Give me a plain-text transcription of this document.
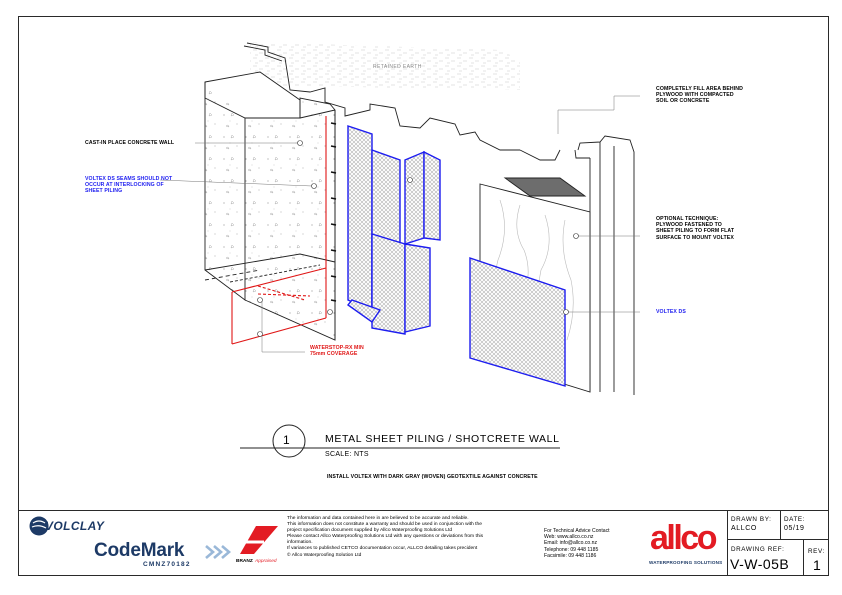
RETAINED EARTH
CAST-IN PLACE CONCRETE WALL
VOLTEX DS SEAMS SHOULD NOT
OCCUR AT INTERLOCKING OF
SHEET PILING
COMPLETELY FILL AREA BEHIND
PLYWOOD WITH COMPACTED
SOIL OR CONCRETE
OPTIONAL TECHNIQUE:
PLYWOOD FASTENED TO
SHEET PILING TO FORM FLAT
SURFACE TO MOUNT VOLTEX
VOLTEX DS
WATERSTOP-RX MIN
75mm COVERAGE
1	METAL SHEET PILING / SHOTCRETE WALL
SCALE: NTS
INSTALL VOLTEX WITH DARK GRAY (WOVEN) GEOTEXTILE AGAINST CONCRETE
VOLCLAY
CodeMark
CMNZ70182	BRANZ Appraised
The information and data contained here in are believed to be accurate and reliable.
This information does not constitute a warranty and should be used in conjunction with the
project specification document supplied by Allco Waterproofing Solutions Ltd
Please contact Allco Waterproofing Solutions Ltd with any questions or deviations from this
information.
If variances to published CETCO documentation occur, ALLCO detailing takes precident
© Allco Waterproofing Solution Ltd
For Technical Advice Contact
Web: www.allco.co.nz
Email: info@allco.co.nz
Telephone: 09 448 1185
Facsimile: 09 448 1186	allco
WATERPROOFING SOLUTIONS
DRAWN BY:
ALLCO
DATE:
05/19
DRAWING REF:
V-W-05B
REV:
1
